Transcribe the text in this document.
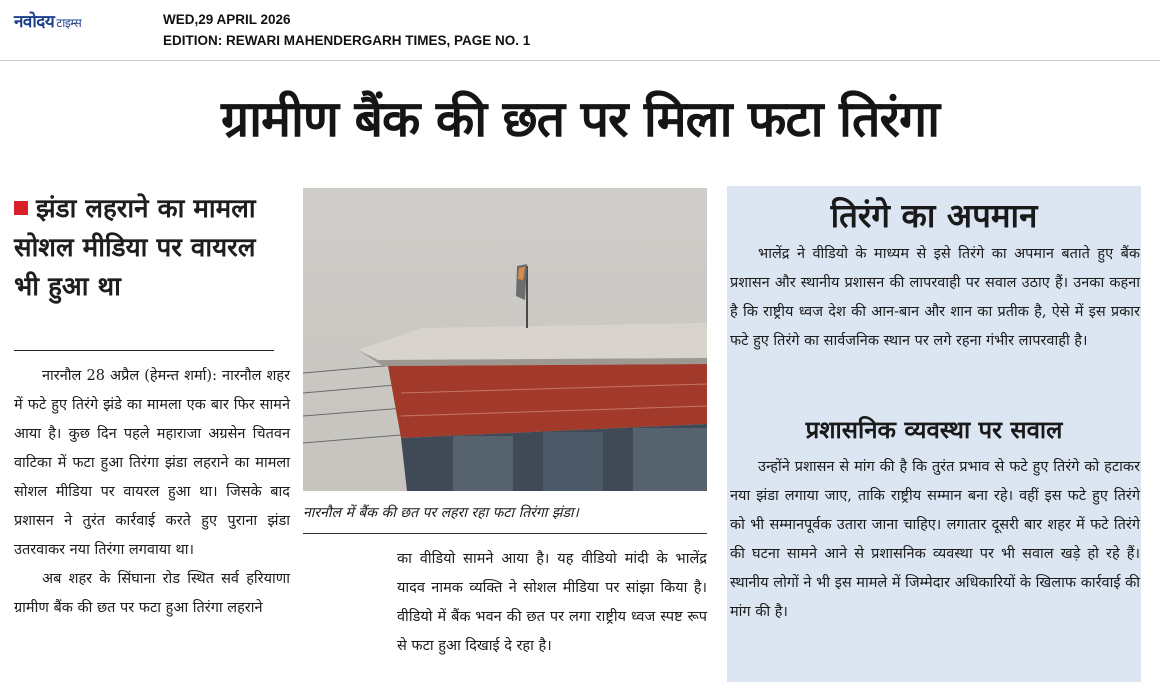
नवोदय टाइम्स	WED,29 APRIL 2026
EDITION: REWARI MAHENDERGARH TIMES, PAGE NO. 1
ग्रामीण बैंक की छत पर मिला फटा तिरंगा
झंडा लहराने का मामला सोशल मीडिया पर वायरल भी हुआ था

नारनौल 28 अप्रैल (हेमन्त शर्मा): नारनौल शहर में फटे हुए तिरंगे झंडे का मामला एक बार फिर सामने आया है। कुछ दिन पहले महाराजा अग्रसेन चितवन वाटिका में फटा हुआ तिरंगा झंडा लहराने का मामला सोशल मीडिया पर वायरल हुआ था। जिसके बाद प्रशासन ने तुरंत कार्रवाई करते हुए पुराना झंडा उतरवाकर नया तिरंगा लगवाया था।

अब शहर के सिंघाना रोड स्थित सर्व हरियाणा ग्रामीण बैंक की छत पर फटा हुआ तिरंगा लहराने

नारनौल में बैंक की छत पर लहरा रहा फटा तिरंगा झंडा।

का वीडियो सामने आया है। यह वीडियो मांदी के भालेंद्र यादव नामक व्यक्ति ने सोशल मीडिया पर सांझा किया है। वीडियो में बैंक भवन की छत पर लगा राष्ट्रीय ध्वज स्पष्ट रूप से फटा हुआ दिखाई दे रहा है।

तिरंगे का अपमान

भालेंद्र ने वीडियो के माध्यम से इसे तिरंगे का अपमान बताते हुए बैंक प्रशासन और स्थानीय प्रशासन की लापरवाही पर सवाल उठाए हैं। उनका कहना है कि राष्ट्रीय ध्वज देश की आन-बान और शान का प्रतीक है, ऐसे में इस प्रकार फटे हुए तिरंगे का सार्वजनिक स्थान पर लगे रहना गंभीर लापरवाही है।

प्रशासनिक व्यवस्था पर सवाल

उन्होंने प्रशासन से मांग की है कि तुरंत प्रभाव से फटे हुए तिरंगे को हटाकर नया झंडा लगाया जाए, ताकि राष्ट्रीय सम्मान बना रहे। वहीं इस फटे हुए तिरंगे को भी सम्मानपूर्वक उतारा जाना चाहिए। लगातार दूसरी बार शहर में फटे तिरंगे की घटना सामने आने से प्रशासनिक व्यवस्था पर भी सवाल खड़े हो रहे हैं। स्थानीय लोगों ने भी इस मामले में जिम्मेदार अधिकारियों के खिलाफ कार्रवाई की मांग की है।
